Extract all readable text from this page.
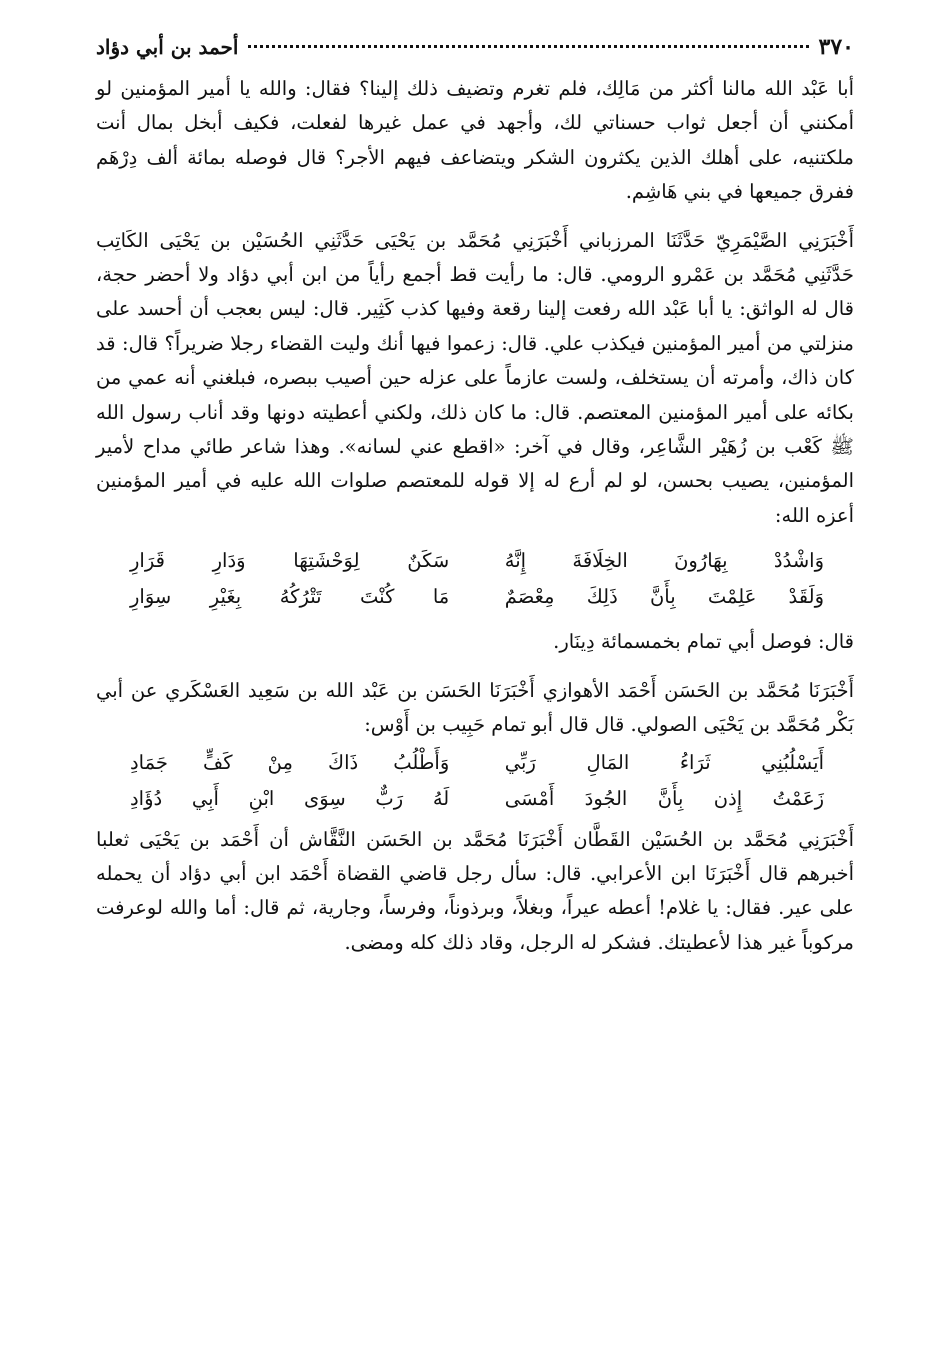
٣٧٠
أحمد بن أبي دؤاد

أبا عَبْد الله مالنا أكثر من مَالِك، فلم تغرم وتضيف ذلك إلينا؟ فقال: والله يا أمير المؤمنين لو أمكنني أن أجعل ثواب حسناتي لك، وأجهد في عمل غيرها لفعلت، فكيف أبخل بمال أنت ملكتنيه، على أهلك الذين يكثرون الشكر ويتضاعف فيهم الأجر؟ قال فوصله بمائة ألف دِرْهَم ففرق جميعها في بني هَاشِم.

أَخْبَرَنِي الصَّيْمَرِيّ حَدَّثَنَا المرزباني أَخْبَرَنِي مُحَمَّد بن يَحْيَى حَدَّثَنِي الحُسَيْن بن يَحْيَى الكَاتِب حَدَّثَنِي مُحَمَّد بن عَمْرو الرومي. قال: ما رأيت قط أجمع رأياً من ابن أبي دؤاد ولا أحضر حجة، قال له الواثق: يا أبا عَبْد الله رفعت إلينا رقعة وفيها كذب كَثِير. قال: ليس بعجب أن أحسد على منزلتي من أمير المؤمنين فيكذب علي. قال: زعموا فيها أنك وليت القضاء رجلا ضريراً؟ قال: قد كان ذاك، وأمرته أن يستخلف، ولست عازماً على عزله حين أصيب ببصره، فبلغني أنه عمي من بكائه على أمير المؤمنين المعتصم. قال: ما كان ذلك، ولكني أعطيته دونها وقد أناب رسول الله ﷺ كَعْب بن زُهَيْر الشَّاعِر، وقال في آخر: «اقطع عني لسانه». وهذا شاعر طائي مداح لأمير المؤمنين، يصيب بحسن، لو لم أرع له إلا قوله للمعتصم صلوات الله عليه في أمير المؤمنين أعزه الله:

وَاشْدُدْ بِهَارُونَ الخِلَافَةَ إِنَّهُ
سَكَنٌ لِوَحْشَتِهَا وَدَارِ قَرَارِ
وَلَقَدْ عَلِمْتَ بِأَنَّ ذَلِكَ مِعْصَمٌ
مَا كُنْتَ تَتْرُكُهُ بِغَيْرِ سِوَارِ

قال: فوصل أبي تمام بخمسمائة دِينَار.

أَخْبَرَنَا مُحَمَّد بن الحَسَن أَحْمَد الأهوازي أَخْبَرَنَا الحَسَن بن عَبْد الله بن سَعِيد العَسْكَري عن أبي بَكْر مُحَمَّد بن يَحْيَى الصولي. قال قال أبو تمام حَبِيب بن أَوْس:

أَيَسْلُبُنِي ثَرَاءُ المَالِ رَبِّي
وَأَطْلُبُ ذَاكَ مِنْ كَفٍّ جَمَادِ
زَعَمْتُ إِذن بِأَنَّ الجُودَ أَمْسَى
لَهُ رَبٌّ سِوَى ابْنِ أَبِي دُؤَادِ

أَخْبَرَنِي مُحَمَّد بن الحُسَيْن القَطَّان أَخْبَرَنَا مُحَمَّد بن الحَسَن النَّقَّاش أن أَحْمَد بن يَحْيَى ثعلبا أخبرهم قال أَخْبَرَنَا ابن الأعرابي. قال: سأل رجل قاضي القضاة أَحْمَد ابن أبي دؤاد أن يحمله على عير. فقال: يا غلام! أعطه عيراً، وبغلاً، وبرذوناً، وفرساً، وجارية، ثم قال: أما والله لوعرفت مركوباً غير هذا لأعطيتك. فشكر له الرجل، وقاد ذلك كله ومضى.
